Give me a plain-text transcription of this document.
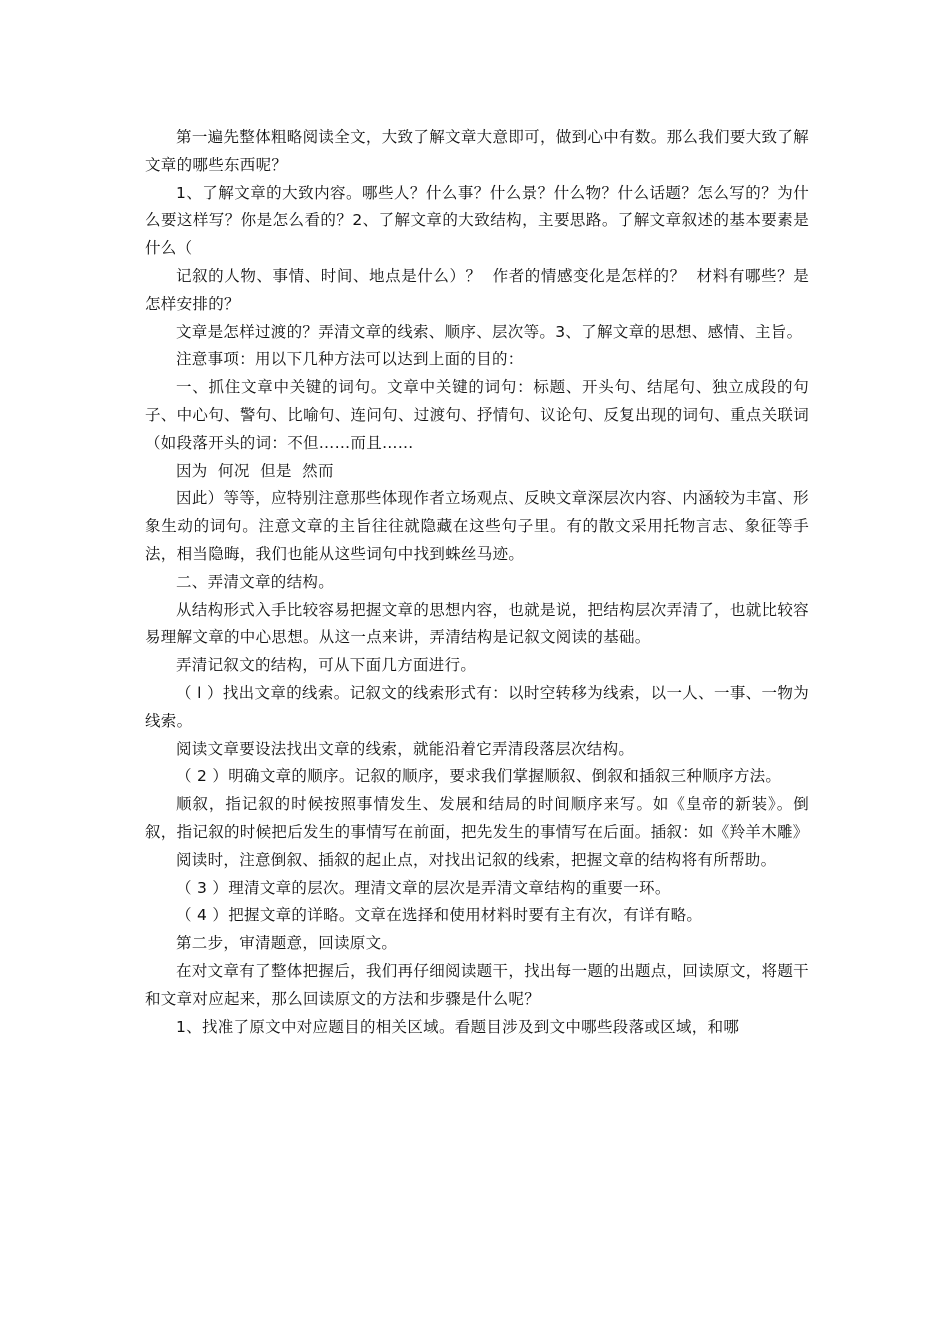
第一遍先整体粗略阅读全文，大致了解文章大意即可，做到心中有数。那么我们要大致了解文章的哪些东西呢？

1、了解文章的大致内容。哪些人？什么事？什么景？什么物？什么话题？怎么写的？为什么要这样写？你是怎么看的？2、了解文章的大致结构，主要思路。了解文章叙述的基本要素是什么（

记叙的人物、事情、时间、地点是什么）？  作者的情感变化是怎样的？  材料有哪些？是怎样安排的？

文章是怎样过渡的？弄清文章的线索、顺序、层次等。3、了解文章的思想、感情、主旨。

注意事项：用以下几种方法可以达到上面的目的：

一、抓住文章中关键的词句。文章中关键的词句：标题、开头句、结尾句、独立成段的句子、中心句、警句、比喻句、连问句、过渡句、抒情句、议论句、反复出现的词句、重点关联词（如段落开头的词：不但……而且……

因为  何况  但是  然而

因此）等等，应特别注意那些体现作者立场观点、反映文章深层次内容、内涵较为丰富、形象生动的词句。注意文章的主旨往往就隐藏在这些句子里。有的散文采用托物言志、象征等手法，相当隐晦，我们也能从这些词句中找到蛛丝马迹。

二、弄清文章的结构。

从结构形式入手比较容易把握文章的思想内容，也就是说，把结构层次弄清了，也就比较容易理解文章的中心思想。从这一点来讲，弄清结构是记叙文阅读的基础。

弄清记叙文的结构，可从下面几方面进行。

（ l ）找出文章的线索。记叙文的线索形式有：以时空转移为线索，以一人、一事、一物为线索。

阅读文章要设法找出文章的线索，就能沿着它弄清段落层次结构。

（ 2 ）明确文章的顺序。记叙的顺序，要求我们掌握顺叙、倒叙和插叙三种顺序方法。

顺叙，指记叙的时候按照事情发生、发展和结局的时间顺序来写。如《皇帝的新装》。倒叙，指记叙的时候把后发生的事情写在前面，把先发生的事情写在后面。插叙：如《羚羊木雕》

阅读时，注意倒叙、插叙的起止点，对找出记叙的线索，把握文章的结构将有所帮助。

（ 3 ）理清文章的层次。理清文章的层次是弄清文章结构的重要一环。

（ 4 ）把握文章的详略。文章在选择和使用材料时要有主有次，有详有略。

第二步，审清题意，回读原文。

在对文章有了整体把握后，我们再仔细阅读题干，找出每一题的出题点，回读原文，将题干和文章对应起来，那么回读原文的方法和步骤是什么呢？

1、找准了原文中对应题目的相关区域。看题目涉及到文中哪些段落或区域，和哪
